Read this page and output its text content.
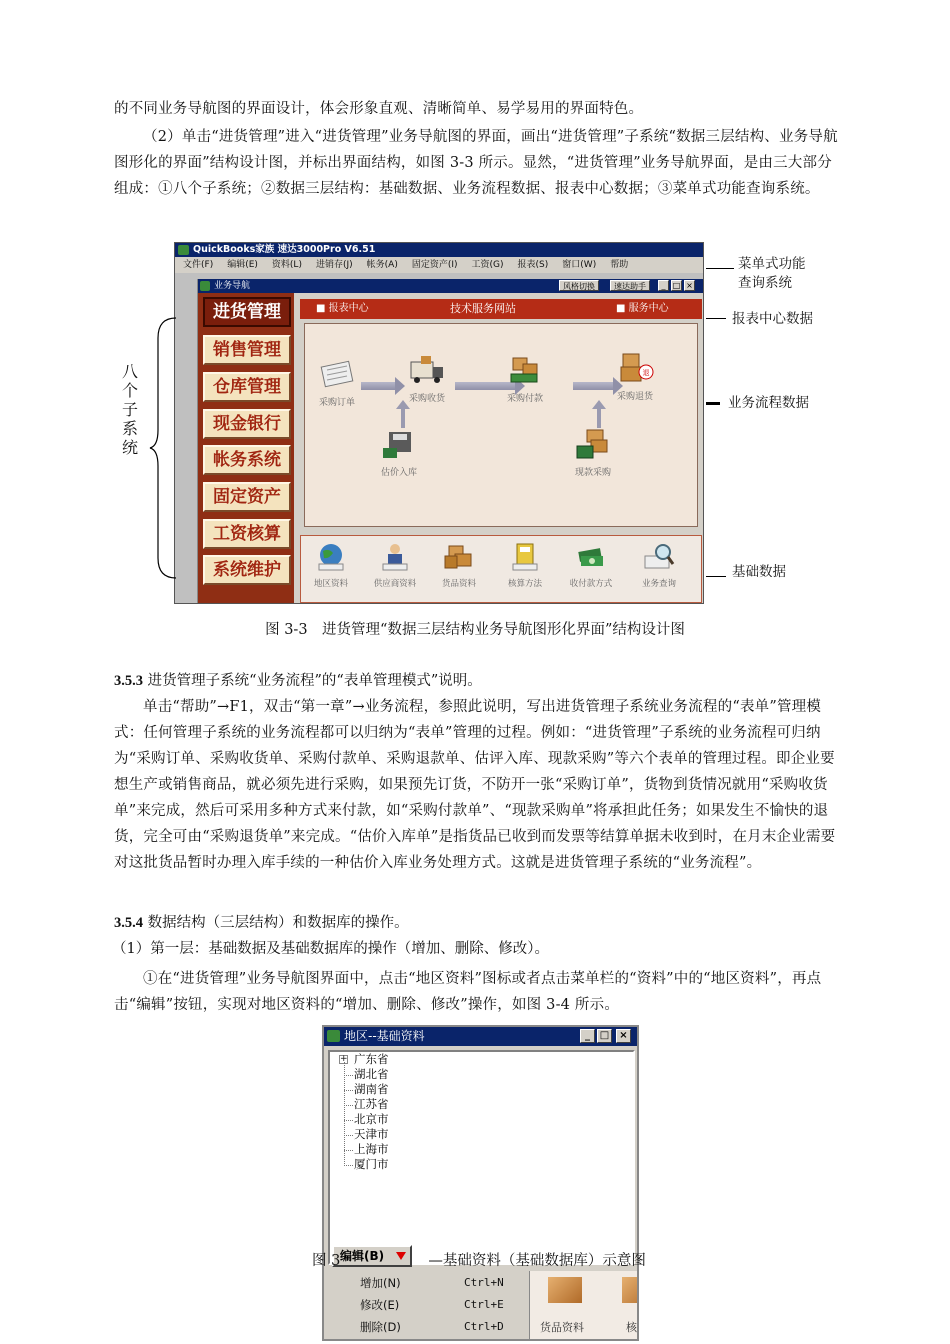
的不同业务导航图的界面设计，体会形象直观、清晰简单、易学易用的界面特色。
（2）单击“进货管理”进入“进货管理”业务导航图的界面，画出“进货管理”子系统“数据三层结构、业务导航图形化的界面”结构设计图，并标出界面结构，如图 3-3 所示。显然，“进货管理”业务导航界面，是由三大部分组成：①八个子系统；②数据三层结构：基础数据、业务流程数据、报表中心数据；③菜单式功能查询系统。
QuickBooks家族 速达3000Pro V6.51
文件(F) 编辑(E) 资料(L) 进销存(J) 帐务(A) 固定资产(I) 工资(G) 报表(S) 窗口(W) 帮助
业务导航	风格切换	速达助手	_ □ ×
进货管理
销售管理
仓库管理
现金银行
帐务系统
固定资产
工资核算
系统维护
■ 报表中心	技术服务网站	■ 服务中心
采购订单	采购收货	采购付款
退
采购退货
估价入库	现款采购
地区资料	供应商资料	货品资料	核算方法	收付款方式	业务查询
菜单式功能
查询系统
报表中心数据
业务流程数据
基础数据
八个子系统
图 3-3　进货管理“数据三层结构业务导航图形化界面”结构设计图
3.5.3 进货管理子系统“业务流程”的“表单管理模式”说明。
单击“帮助”→F1，双击“第一章”→业务流程，参照此说明，写出进货管理子系统业务流程的“表单”管理模式：任何管理子系统的业务流程都可以归纳为“表单”管理的过程。例如：“进货管理”子系统的业务流程可归纳为“采购订单、采购收货单、采购付款单、采购退款单、估评入库、现款采购”等六个表单的管理过程。即企业要想生产或销售商品，就必须先进行采购，如果预先订货，不防开一张“采购订单”，货物到货情况就用“采购收货单”来完成，然后可采用多种方式来付款，如“采购付款单”、“现款采购单”将承担此任务；如果发生不愉快的退货，完全可由“采购退货单”来完成。“估价入库单”是指货品已收到而发票等结算单据未收到时，在月末企业需要对这批货品暂时办理入库手续的一种估价入库业务处理方式。这就是进货管理子系统的“业务流程”。
3.5.4 数据结构（三层结构）和数据库的操作。
（1）第一层：基础数据及基础数据库的操作（增加、删除、修改）。
①在“进货管理”业务导航图界面中，点击“地区资料”图标或者点击菜单栏的“资料”中的“地区资料”，再点击“编辑”按钮，实现对地区资料的“增加、删除、修改”操作，如图 3-4 所示。
地区--基础资料	_ □	×
+ 广东省
湖北省
湖南省
江苏省
北京市
天津市
上海市
厦门市
编辑(B)
增加(N)	Ctrl+N
修改(E)	Ctrl+E
删除(D)	Ctrl+D	货品资料	核
图 3	—基础资料（基础数据库）示意图
